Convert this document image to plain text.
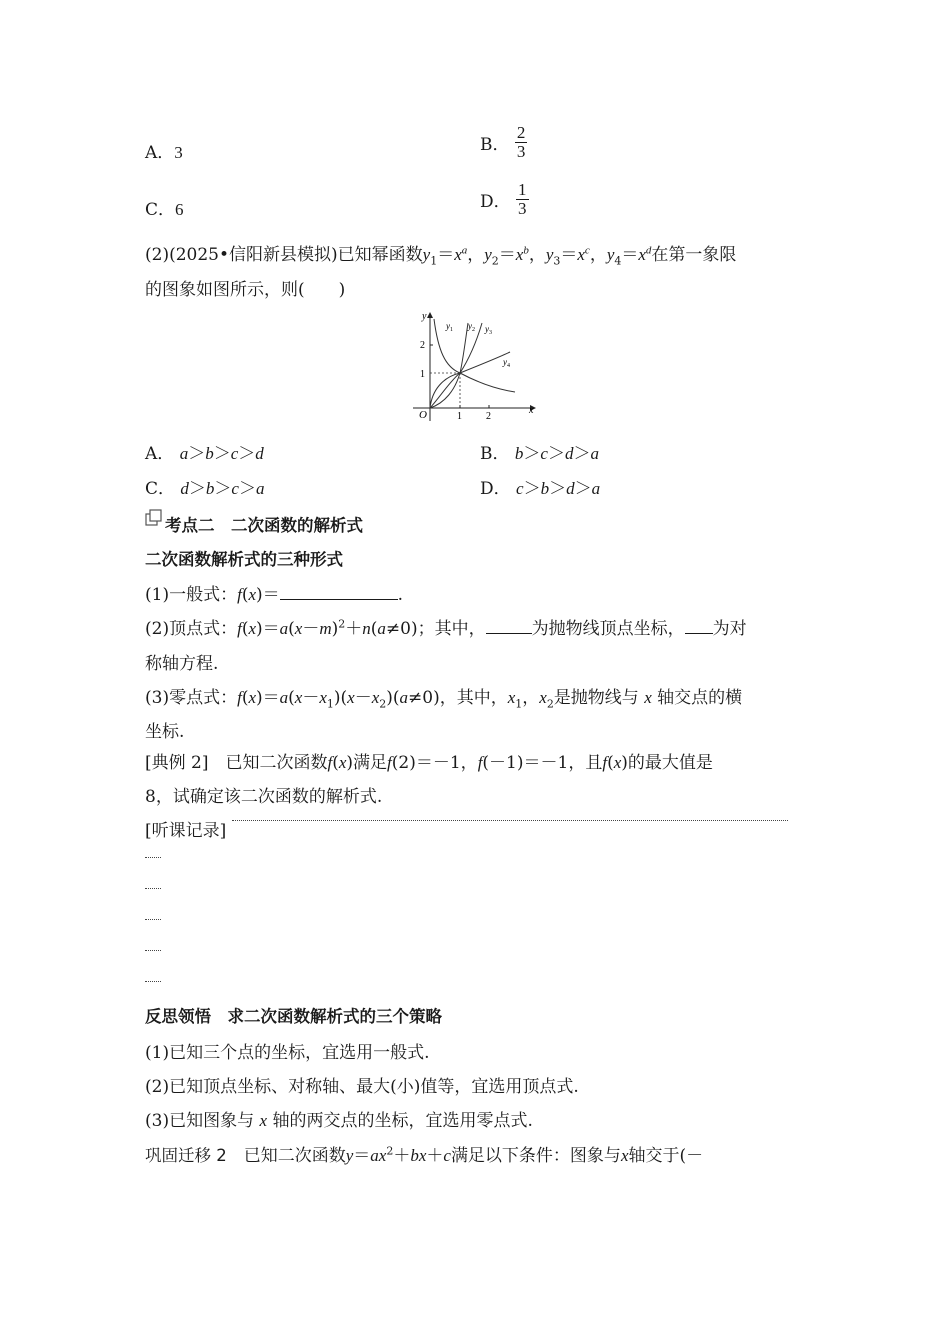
A．3	B． $\frac{2}{3}$
C．6	D． $\frac{1}{3}$
(2)(2025•信阳新县模拟)已知幂函数$y_1=x^a$，$y_2=x^b$，$y_3=x^c$，$y_4=x^d$在第一象限
的图象如图所示，则(　　)
y
x
O	1 2
1
2
$y_1$ $y_2$ $y_3$
$y_4$
A． a＞b＞c＞d	B． b＞c＞d＞a
C． d＞b＞c＞a	D． c＞b＞d＞a
考点二　二次函数的解析式
二次函数解析式的三种形式
(1)一般式：f(x)＝	.
(2)顶点式：$f(x)=a(x-m)^2+n(a\ne 0)$；其中，	为抛物线顶点坐标， 为对
称轴方程.
(3)零点式：$f(x)=a(x-x_1)(x-x_2)(a\ne 0)$，其中，$x_1$，$x_2$是抛物线与 x 轴交点的横
坐标.
[典例 2]　 已知二次函数f(x)满足f(2)＝－1，f(－1)＝－1，且f(x)的最大值是
8，试确定该二次函数的解析式.
[听课记录]
反思领悟　求二次函数解析式的三个策略
(1)已知三个点的坐标，宜选用一般式.
(2)已知顶点坐标、对称轴、最大(小)值等，宜选用顶点式.
(3)已知图象与 x 轴的两交点的坐标，宜选用零点式.
巩固迁移 2　 已知二次函数$y=ax^2+bx+c$满足以下条件：图象与x轴交于(－
